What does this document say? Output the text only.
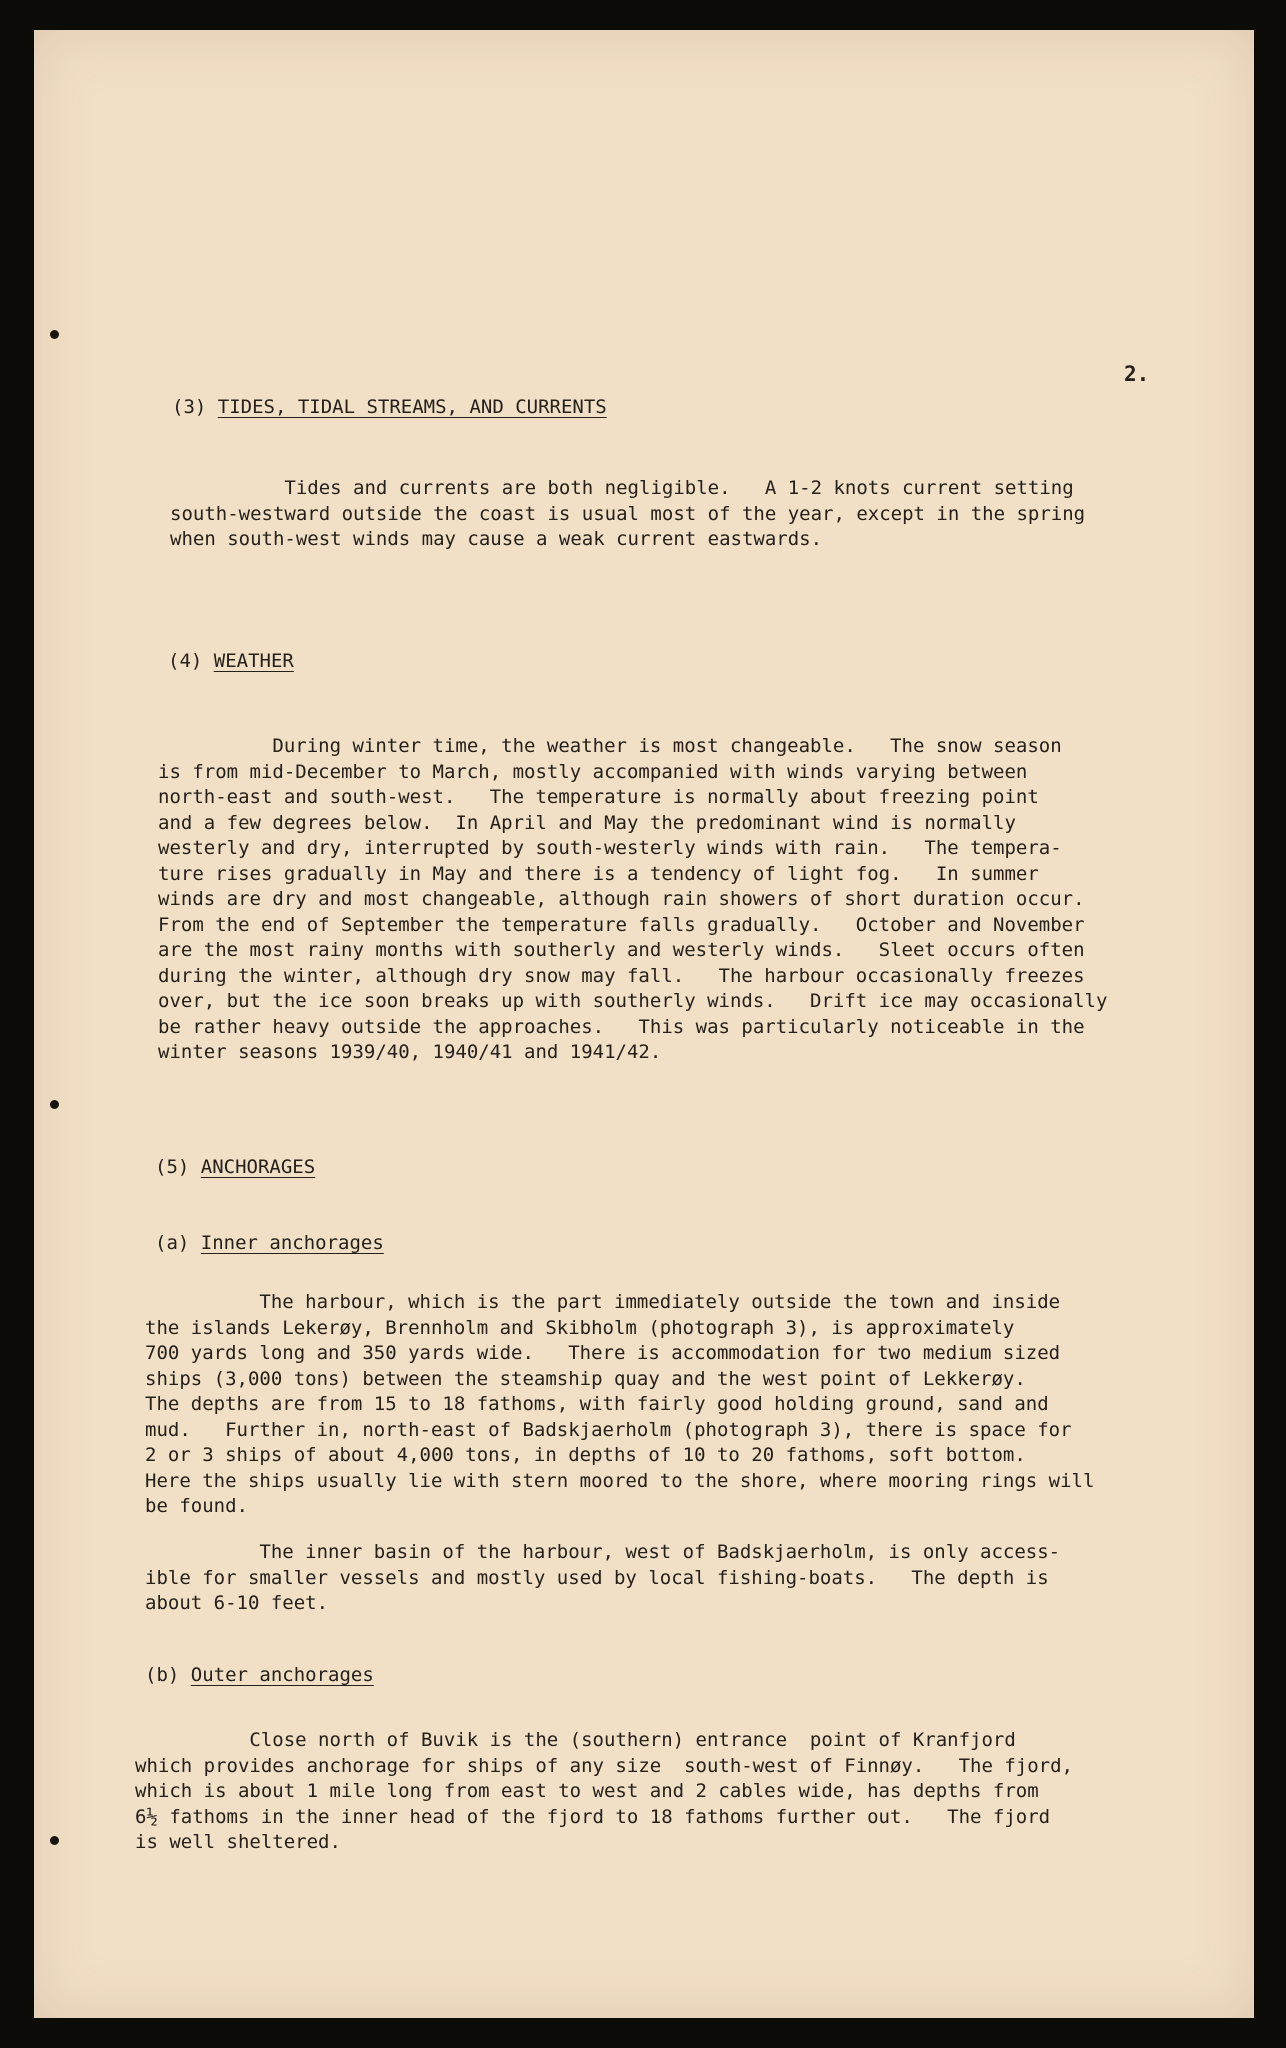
2.
(3) TIDES, TIDAL STREAMS, AND CURRENTS

Tides and currents are both negligible.   A 1-2 knots current setting
south-westward outside the coast is usual most of the year, except in the spring
when south-west winds may cause a weak current eastwards.

(4) WEATHER

During winter time, the weather is most changeable.   The snow season
is from mid-December to March, mostly accompanied with winds varying between
north-east and south-west.   The temperature is normally about freezing point
and a few degrees below.  In April and May the predominant wind is normally
westerly and dry, interrupted by south-westerly winds with rain.   The tempera-
ture rises gradually in May and there is a tendency of light fog.   In summer
winds are dry and most changeable, although rain showers of short duration occur.
From the end of September the temperature falls gradually.   October and November
are the most rainy months with southerly and westerly winds.   Sleet occurs often
during the winter, although dry snow may fall.   The harbour occasionally freezes
over, but the ice soon breaks up with southerly winds.   Drift ice may occasionally
be rather heavy outside the approaches.   This was particularly noticeable in the
winter seasons 1939/40, 1940/41 and 1941/42.

(5) ANCHORAGES
(a) Inner anchorages

The harbour, which is the part immediately outside the town and inside
the islands Lekerøy, Brennholm and Skibholm (photograph 3), is approximately
700 yards long and 350 yards wide.   There is accommodation for two medium sized
ships (3,000 tons) between the steamship quay and the west point of Lekkerøy.
The depths are from 15 to 18 fathoms, with fairly good holding ground, sand and
mud.   Further in, north-east of Badskjaerholm (photograph 3), there is space for
2 or 3 ships of about 4,000 tons, in depths of 10 to 20 fathoms, soft bottom.
Here the ships usually lie with stern moored to the shore, where mooring rings will
be found.

The inner basin of the harbour, west of Badskjaerholm, is only access-
ible for smaller vessels and mostly used by local fishing-boats.   The depth is
about 6-10 feet.

(b) Outer anchorages

Close north of Buvik is the (southern) entrance  point of Kranfjord
which provides anchorage for ships of any size  south-west of Finnøy.   The fjord,
which is about 1 mile long from east to west and 2 cables wide, has depths from
6½ fathoms in the inner head of the fjord to 18 fathoms further out.   The fjord
is well sheltered.
